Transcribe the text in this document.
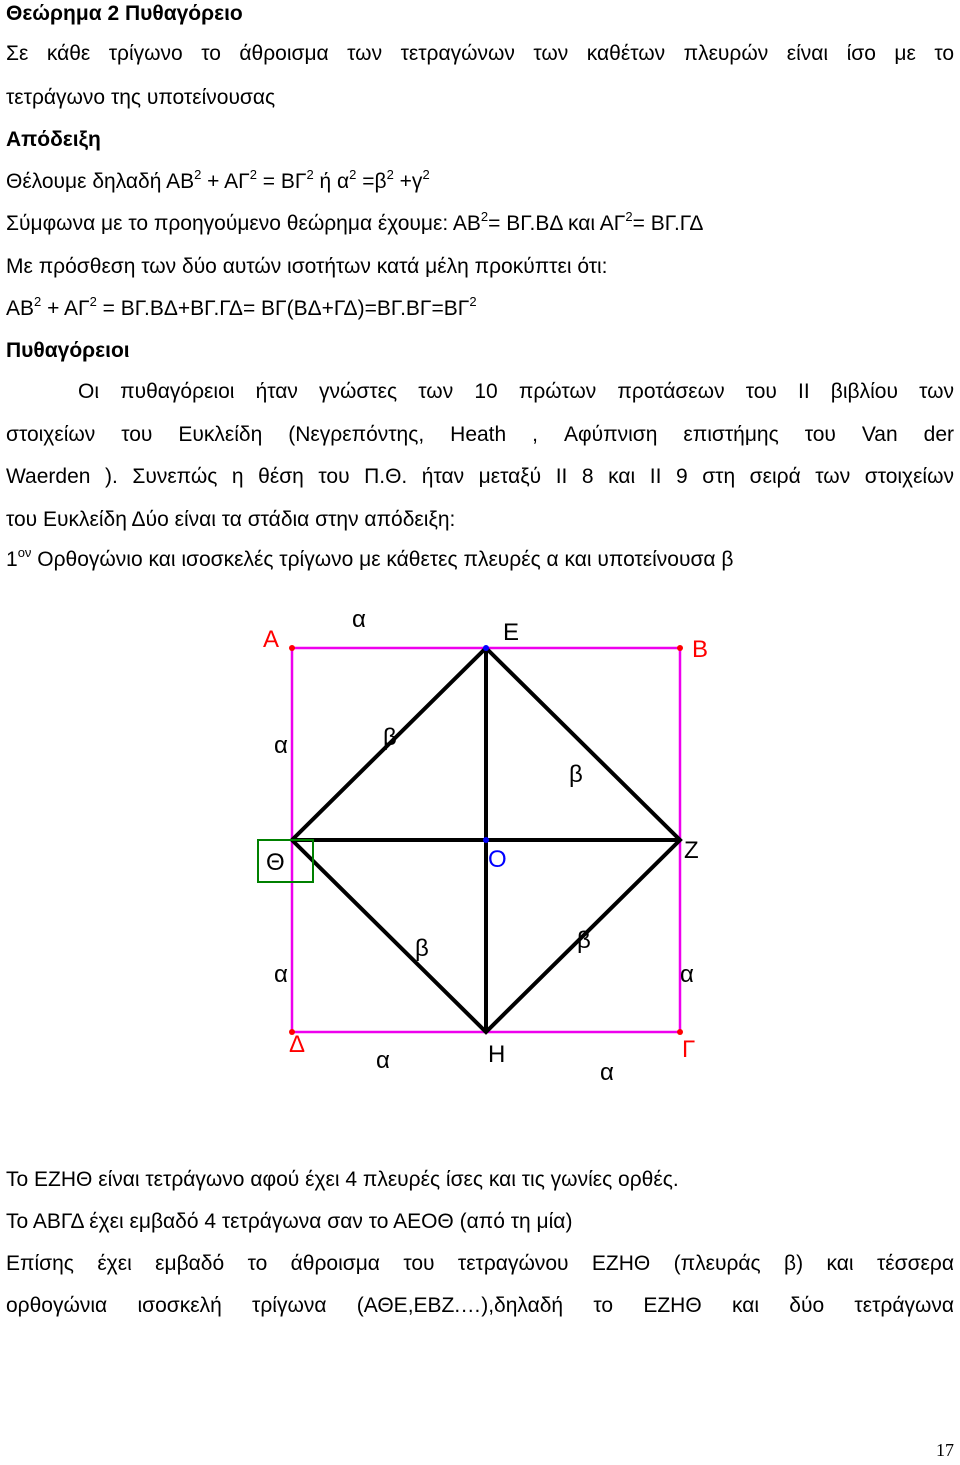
Θεώρημα 2 Πυθαγόρειο
Σε κάθε τρίγωνο το άθροισμα των τετραγώνων των καθέτων πλευρών είναι ίσο με το
τετράγωνο της υποτείνουσας
Απόδειξη
Θέλουμε δηλαδή $AB^2 + A\Gamma^2 = B\Gamma^2$ ή $\alpha^2 =\beta^2 +\gamma^2$
Σύμφωνα με το προηγούμενο θεώρημα έχουμε: $AB^2= B\Gamma.B\Delta$ και $A\Gamma^2= B\Gamma.\Gamma\Delta$
Με πρόσθεση των δύο αυτών ισοτήτων κατά μέλη προκύπτει ότι:
$AB^2 + A\Gamma^2 = B\Gamma.B\Delta+B\Gamma.\Gamma\Delta= B\Gamma(B\Delta+\Gamma\Delta)=B\Gamma.B\Gamma=B\Gamma^2$
Πυθαγόρειοι
Οι πυθαγόρειοι ήταν γνώστες των 10 πρώτων προτάσεων του ΙΙ βιβλίου των
στοιχείων του Ευκλείδη (Νεγρεπόντης, Heath , Αφύπνιση επιστήμης του Van der
Waerden ). Συνεπώς η θέση του Π.Θ. ήταν μεταξύ ΙΙ 8 και ΙΙ 9 στη σειρά των στοιχείων
του Ευκλείδη Δύο είναι τα στάδια στην απόδειξη:
$1^{o\nu}$ Ορθογώνιο και ισοσκελές τρίγωνο με κάθετες πλευρές α και υποτείνουσα β
Α	Β
Γ
Δ
Ε
Ζ
Η
Θ	Ο
α
α	β
β
α
β	β
α
α	α
Το ΕΖΗΘ είναι τετράγωνο αφού έχει 4 πλευρές ίσες και τις γωνίες ορθές.
Το ΑΒΓΔ έχει εμβαδό 4 τετράγωνα σαν το ΑΕΟΘ (από τη μία)
Επίσης έχει εμβαδό το άθροισμα του τετραγώνου ΕΖΗΘ (πλευράς β) και τέσσερα
ορθογώνια ισοσκελή τρίγωνα (ΑΘΕ,ΕΒΖ.…),δηλαδή το ΕΖΗΘ και δύο τετράγωνα
17
